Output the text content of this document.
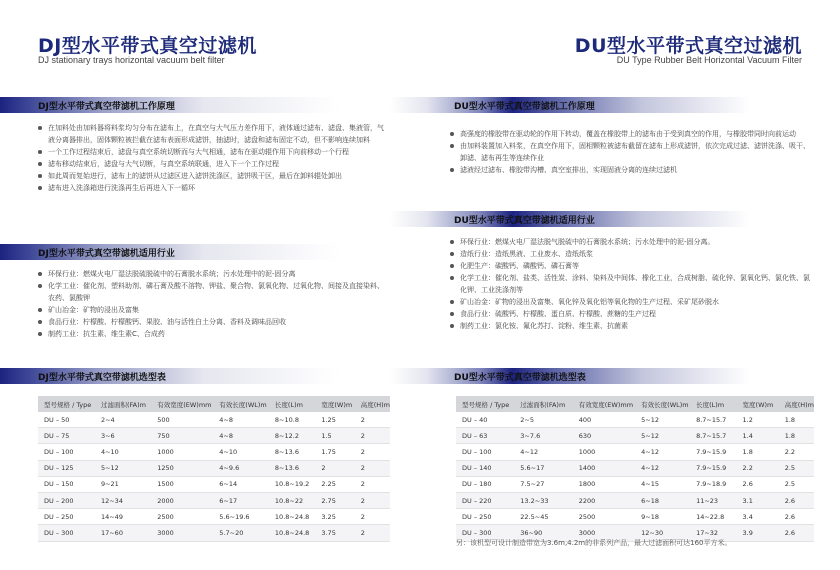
DJ型水平带式真空过滤机
DJ stationary trays horizontal vacuum belt filter
DJ型水平带式真空带滤机工作原理
在加料处由加料器将料浆均匀分布在滤布上，在真空与大气压力差作用下，液体通过滤布、滤盘、集液管，气液分离器排出，固体颗粒被拦截在滤布表面形成滤饼，抽滤时，滤盘和滤布固定不动，但不影响连续加料
一个工作过程结束后，滤盘与真空系统切断而与大气相通，滤布在驱动辊作用下向前移动一个行程
滤布移动结束后，滤盘与大气切断，与真空系统联通，进入下一个工作过程
如此周而复始进行，滤布上的滤饼从过滤区进入滤饼洗涤区，滤饼吸干区，最后在卸料辊处卸出
滤布进入洗涤箱进行洗涤再生后再进入下一循环
DJ型水平带式真空带滤机适用行业
环保行业：燃煤火电厂湿法脱硫脱硫中的石膏脱水系统；污水处理中的泥-固分离
化学工业：催化剂、塑料助剂、磷石膏及酸不溶物、钾盐、聚合物、氯氧化物、过氧化物、间接及直接染料、农药、氯酸钾
矿山冶金：矿物的浸出及富集
食品行业：柠檬酸、柠檬酸钙、果胶、油与活性白土分离、香料及调味品回收
制药工业：抗生素、维生素C、合成药
DJ型水平带式真空带滤机选型表
型号规格 / Type	过滤面积(FA)m	有效宽度(EW)mm	有效长度(WL)m	长度(L)m	宽度(W)m	高度(H)m
DU – 50	2~4	500	4~8	8~10.8	1.25	2
DU – 75	3~6	750	4~8	8~12.2	1.5	2
DU – 100	4~10	1000	4~10	8~13.6	1.75	2
DU – 125	5~12	1250	4~9.6	8~13.6	2	2
DU – 150	9~21	1500	6~14	10.8~19.2	2.25	2
DU – 200	12~34	2000	6~17	10.8~22	2.75	2
DU – 250	14~49	2500	5.6~19.6	10.8~24.8	3.25	2
DU – 300	17~60	3000	5.7~20	10.8~24.8	3.75	2
DU型水平带式真空过滤机
DU Type Rubber Belt Horizontal Vacuum Filter
DU型水平带式真空带滤机工作原理
高强度的橡胶带在驱动轮的作用下转动，覆盖在橡胶带上的滤布由于受到真空的作用，与橡胶带同时向前运动
由加料装置加入料浆，在真空作用下，固相颗粒被滤布截留在滤布上形成滤饼，依次完成过滤、滤饼洗涤、吸干、卸滤、滤布再生等连续作业
滤液经过滤布、橡胶带沟槽、真空室排出，实现固液分离的连续过滤机
DU型水平带式真空带滤机适用行业
环保行业：燃煤火电厂湿法脱气脱硫中的石膏脱水系统；污水处理中的泥-固分离。
造纸行业：造纸黑液、工业废水、造纸纸浆
化肥生产：碳酸钙、磷酸钙、磷石膏等
化学工业：催化剂、盐类、活性炭、涂料、染料及中间体、橡化工业，合成树脂、硫化锌、氯氧化钙、氯化铁、氯化钾、工业洗涤剂等
矿山冶金：矿物的浸出及富集、氧化锌及氧化铝等氧化物的生产过程、采矿尾砂脱水
食品行业：硫酸钙、柠檬酸、蛋白质、柠檬酸、蔗糖的生产过程
制药工业：氯化铵、氟化苏打、淀粉、维生素、抗菌素
DU型水平带式真空带滤机选型表
型号规格 / Type	过滤面积(FA)m	有效宽度(EW)mm	有效长度(WL)m	长度(L)m	宽度(W)m	高度(H)m
DU – 40	2~5	400	5~12	8.7~15.7	1.2	1.8
DU – 63	3~7.6	630	5~12	8.7~15.7	1.4	1.8
DU – 100	4~12	1000	4~12	7.9~15.9	1.8	2.2
DU – 140	5.6~17	1400	4~12	7.9~15.9	2.2	2.5
DU – 180	7.5~27	1800	4~15	7.9~18.9	2.6	2.5
DU – 220	13.2~33	2200	6~18	11~23	3.1	2.6
DU – 250	22.5~45	2500	9~18	14~22.8	3.4	2.6
DU – 300	36~90	3000	12~30	17~32	3.9	2.6
另：该机型可设计制造带宽为3.6m,4.2m的非系列产品，最大过滤面积可达160平方米。
